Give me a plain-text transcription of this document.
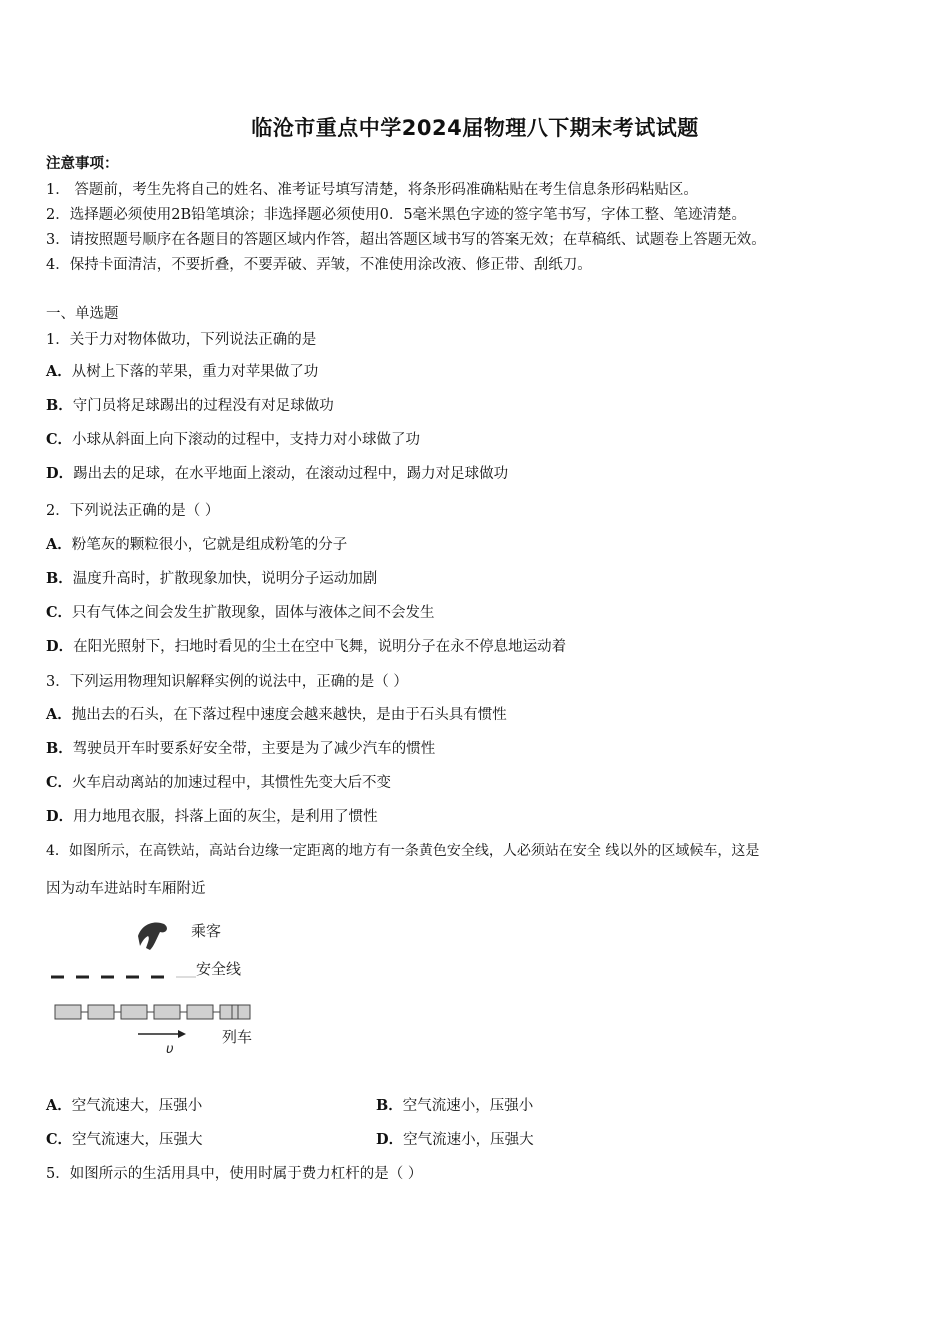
临沧市重点中学2024届物理八下期末考试试题
注意事项：
1． 答题前，考生先将自己的姓名、准考证号填写清楚，将条形码准确粘贴在考生信息条形码粘贴区。
2．选择题必须使用2B铅笔填涂；非选择题必须使用0．5毫米黑色字迹的签字笔书写，字体工整、笔迹清楚。
3．请按照题号顺序在各题目的答题区域内作答，超出答题区域书写的答案无效；在草稿纸、试题卷上答题无效。
4．保持卡面清洁，不要折叠，不要弄破、弄皱，不准使用涂改液、修正带、刮纸刀。
一、单选题
1．关于力对物体做功，下列说法正确的是
A．从树上下落的苹果，重力对苹果做了功
B．守门员将足球踢出的过程没有对足球做功
C．小球从斜面上向下滚动的过程中，支持力对小球做了功
D．踢出去的足球，在水平地面上滚动，在滚动过程中，踢力对足球做功
2．下列说法正确的是（ ）
A．粉笔灰的颗粒很小，它就是组成粉笔的分子
B．温度升高时，扩散现象加快，说明分子运动加剧
C．只有气体之间会发生扩散现象，固体与液体之间不会发生
D．在阳光照射下，扫地时看见的尘土在空中飞舞，说明分子在永不停息地运动着
3．下列运用物理知识解释实例的说法中，正确的是（ ）
A．抛出去的石头，在下落过程中速度会越来越快，是由于石头具有惯性
B．驾驶员开车时要系好安全带，主要是为了减少汽车的惯性
C．火车启动离站的加速过程中，其惯性先变大后不变
D．用力地甩衣服，抖落上面的灰尘，是利用了惯性
4．如图所示，在高铁站，高站台边缘一定距离的地方有一条黄色安全线，人必须站在安全 线以外的区域候车，这是
因为动车进站时车厢附近
乘客
安全线
υ
列车
A．空气流速大，压强小	B．空气流速小，压强小
C．空气流速大，压强大	D．空气流速小，压强大
5．如图所示的生活用具中，使用时属于费力杠杆的是（ ）
